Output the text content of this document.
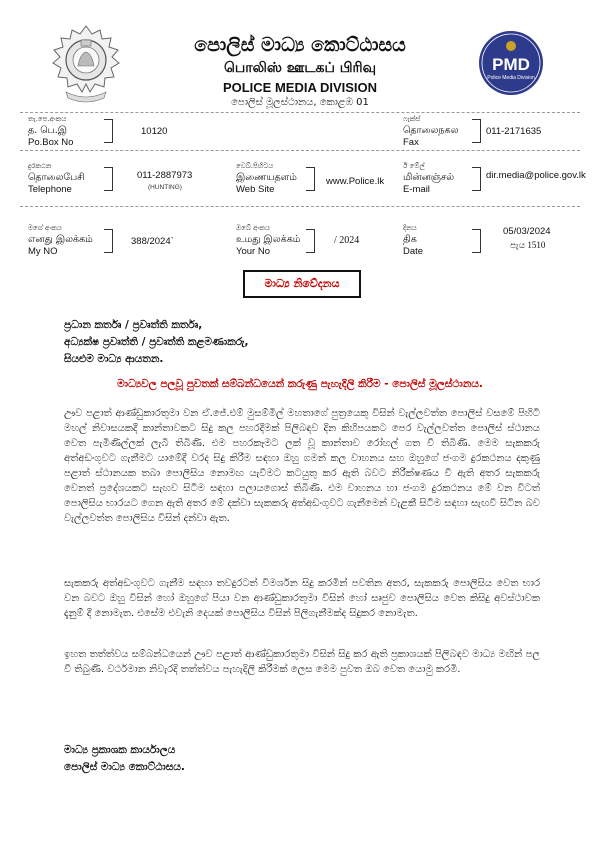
PMD
Police Media Division
පොලිස් මාධ්‍ය කොට්ඨාසය
பொலிஸ் ஊடகப் பிரிவு
POLICE MEDIA DIVISION
පොලිස් මූලස්ථානය, කොළඹ 01
තැ.පෙ.අංකය
த. பெ.இ
Po.Box No
10120
ෆැක්ස්
தொலைநகல
Fax
011-2171635
දුරකථන
தொலைபேசி
Telephone
011-2887973
(HUNTING)
වෙබ්.පිහිටය
இணையதளம்
Web Site
www.Police.lk
ඊ මේල්
மின்னஞ்சல்
E-mail
dir.media@police.gov.lk
මගේ අංකය
எனது இலக்கம்
My NO
388/2024`
ඔබේ අංකය
உமது இலக்கம்
Your No
/ 2024
දිනය
திக
Date
05/03/2024
පැය 1510
මාධ්‍ය නිවේදනය
ප්‍රධාන කර්තෘ / ප්‍රවෘත්ති කර්තෘ,
අධ්‍යක්ෂ ප්‍රවෘත්ති / ප්‍රවෘත්ති කළමණාකරු,
සියළුම මාධ්‍ය ආයතන.
මාධ්‍යවල පලවූ පුවතක් සම්බන්ධයෙන් කරුණු පැහැදිලි කිරීම - පොලිස් මූලස්ථානය.
ඌව පළාත් ආණ්ඩුකාරතුමා වන ඒ.ජේ.එම් මුසම්මිල් මහතාගේ පුත්‍රයෙකු විසින් වැල්ලවත්ත පොලිස් වසමේ පිහිටි මහල් නිවාසයකදී කාන්තාවකට සිදු කල පහරදීමක් පිලිබඳව දින කිහිපයකට පෙර වැල්ලවත්ත පොලිස් ස්ථානය වෙත පැමිණිල්ලක් ලැබී තිබිණි. එම පහරකෑමට ලක් වූ කාන්තාව රෝහල් ගත වී තිබිණි. මෙම සැකකරු අත්අඩංගුවට ගැනීමට යාමේදී වරද සිදු කිරීම සඳහා ඔහු ගමන් කල වාහනය සහ ඔහුගේ ජංගම දුරකථනය දකුණු පළාත් ස්ථානයක තබා පොලිසිය නොමඟ යැවීමට කටයුතු කර ඇති බවට නිරීක්ෂණය වී ඇති අතර සැකකරු වෙනත් ප්‍රදේශයකට සැඟව සිටීම සඳහා පලායගොස් තිබිණි. එම වාහනය හා ජංගම දුරකථනය මේ වන විටත් පොලිසිය භාරයට ගෙන ඇති අතර මේ දක්වා සැකකරු අත්අඩංගුවට ගැනීමෙන් වැළකී සිටීම සඳහා සැඟවී සිටින බව වැල්ලවත්ත පොලිසිය විසින් දන්වා ඇත.
සැකකරු අත්අඩංගුවට ගැනීම සඳහා තවදුරටත් විමර්ශන සිදු කරමින් පවතින අතර, සැකකරු පොලිසිය වෙත භාර වන බවට ඔහු විසින් හෝ ඔහුගේ පියා වන ආණ්ඩුකාරතුමා විසින් හෝ සෘජුව පොලිසිය වෙත කිසිදු අවස්ථාවක දැනුම් දී නොමැත. එසේම එවැනි දෙයක් පොලිසිය විසින් පිලිගැනීමක්ද සිදුකර නොමැත.
ඉහත තත්ත්වය සම්බන්ධයෙන් ඌව පළාත් ආණ්ඩුකාරතුමා විසින් සිදු කර ඇති ප්‍රකාශයක් පිලිබඳව මාධ්‍ය මඟින් පල වී තිබුණි. වර්ථමාන නිවැරදි තත්ත්වය පැහැදිලි කිරීමක් ලෙස මෙම පුවත ඔබ වෙත යොමු කරමි.
මාධ්‍ය ප්‍රකාශක කාර්යාලය
පොලිස් මාධ්‍ය කොට්ඨාසය.
